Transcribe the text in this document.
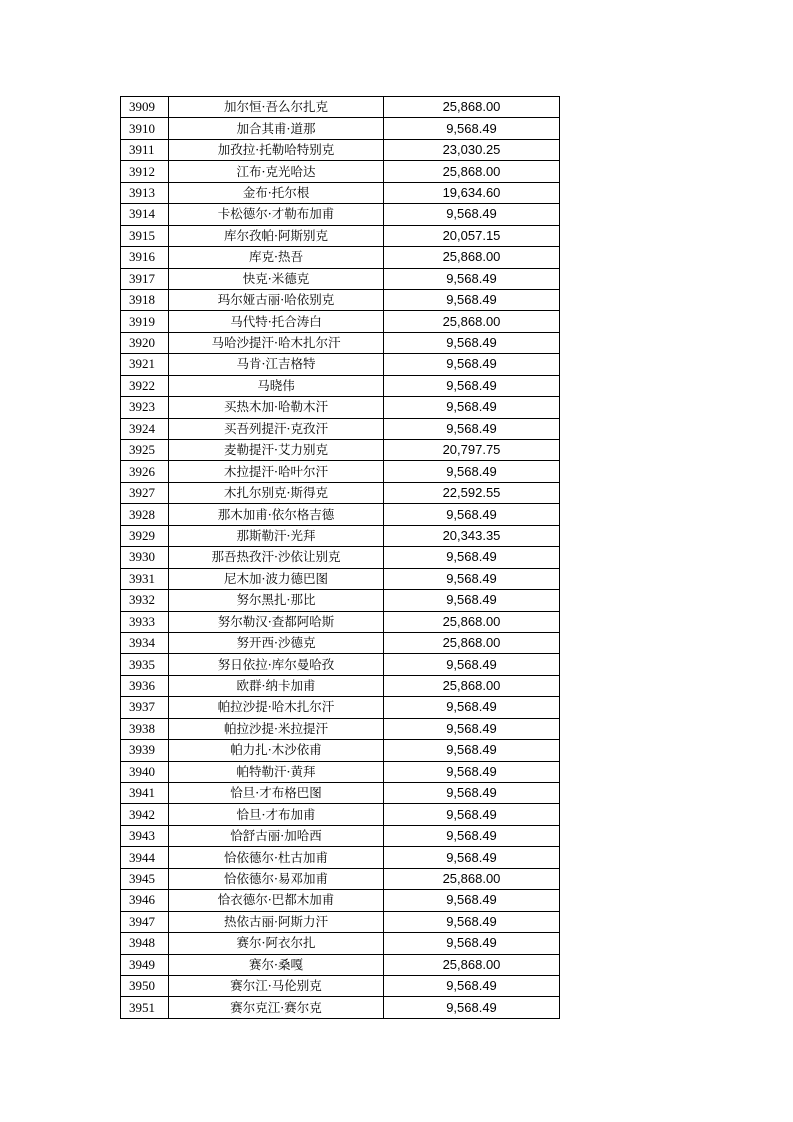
3909	加尔恒·吾么尔扎克	25,868.00
3910	加合其甫·道那	9,568.49
3911	加孜拉·托勒哈特别克	23,030.25
3912	江布·克光哈达	25,868.00
3913	金布·托尔根	19,634.60
3914	卡松德尔·才勒布加甫	9,568.49
3915	库尔孜帕·阿斯别克	20,057.15
3916	库克·热吾	25,868.00
3917	快克·米德克	9,568.49
3918	玛尔娅古丽·哈依别克	9,568.49
3919	马代特·托合涛白	25,868.00
3920	马哈沙提汗·哈木扎尔汗	9,568.49
3921	马肯·江吉格特	9,568.49
3922	马晓伟	9,568.49
3923	买热木加·哈勒木汗	9,568.49
3924	买吾列提汗·克孜汗	9,568.49
3925	麦勒提汗·艾力别克	20,797.75
3926	木拉提汗·哈叶尔汗	9,568.49
3927	木扎尔别克·斯得克	22,592.55
3928	那木加甫·依尔格吉德	9,568.49
3929	那斯勒汗·光拜	20,343.35
3930	那吾热孜汗·沙依让别克	9,568.49
3931	尼木加·波力德巴图	9,568.49
3932	努尔黑扎·那比	9,568.49
3933	努尔勒汉·查都阿哈斯	25,868.00
3934	努开西·沙德克	25,868.00
3935	努日依拉·库尔曼哈孜	9,568.49
3936	欧群·纳卡加甫	25,868.00
3937	帕拉沙提·哈木扎尔汗	9,568.49
3938	帕拉沙提·米拉提汗	9,568.49
3939	帕力扎·木沙依甫	9,568.49
3940	帕特勒汗·黄拜	9,568.49
3941	恰旦·才布格巴图	9,568.49
3942	恰旦·才布加甫	9,568.49
3943	恰舒古丽·加哈西	9,568.49
3944	恰依德尔·杜古加甫	9,568.49
3945	恰依德尔·易邓加甫	25,868.00
3946	恰衣德尔·巴都木加甫	9,568.49
3947	热依古丽·阿斯力汗	9,568.49
3948	赛尔·阿衣尔扎	9,568.49
3949	赛尔·桑嘎	25,868.00
3950	赛尔江·马伦别克	9,568.49
3951	赛尔克江·赛尔克	9,568.49
